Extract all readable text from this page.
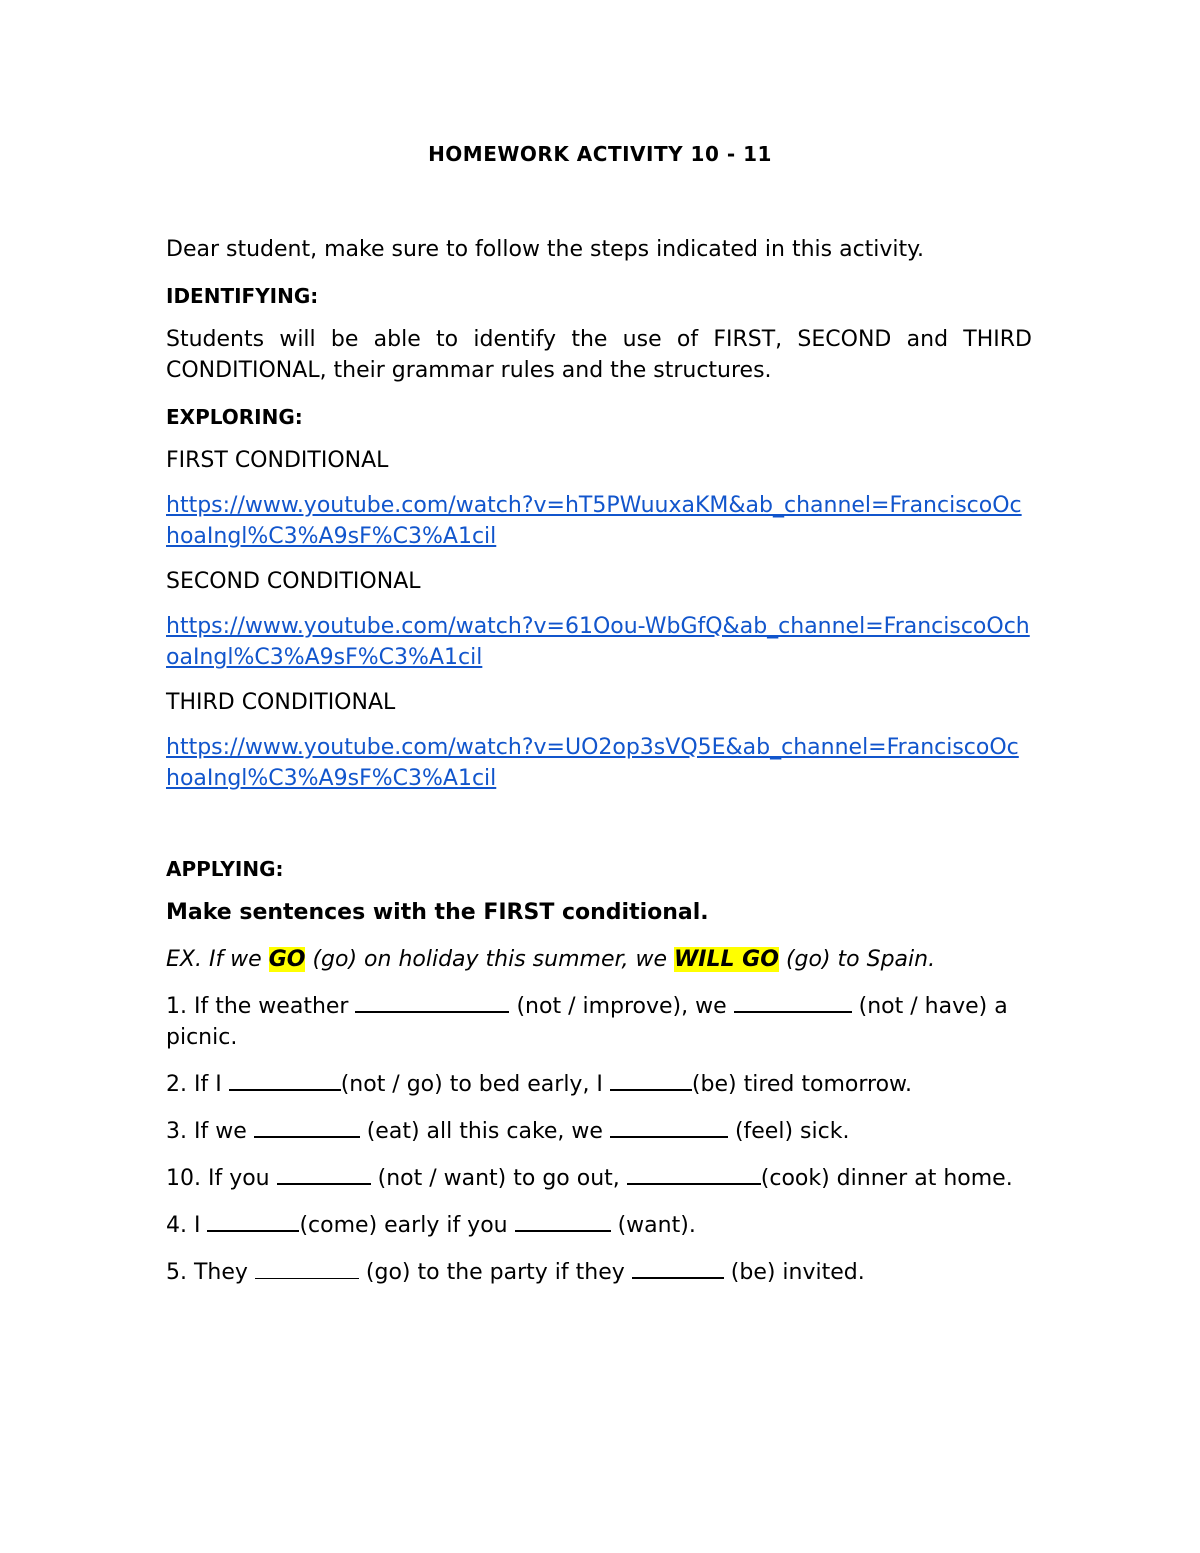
HOMEWORK ACTIVITY 10 - 11

Dear student, make sure to follow the steps indicated in this activity.

IDENTIFYING:

Students will be able to identify the use of FIRST, SECOND and THIRD CONDITIONAL, their grammar rules and the structures.

EXPLORING:

FIRST CONDITIONAL

https://www.youtube.com/watch?v=hT5PWuuxaKM&ab_channel=FranciscoOchoaIngl%C3%A9sF%C3%A1cil

SECOND CONDITIONAL

https://www.youtube.com/watch?v=61Oou-WbGfQ&ab_channel=FranciscoOchoaIngl%C3%A9sF%C3%A1cil

THIRD CONDITIONAL

https://www.youtube.com/watch?v=UO2op3sVQ5E&ab_channel=FranciscoOchoaIngl%C3%A9sF%C3%A1cil

APPLYING:

Make sentences with the FIRST conditional.

EX. If we GO (go) on holiday this summer, we WILL GO (go) to Spain.

1. If the weather	(not / improve), we	(not / have) a picnic.

2. If I	(not / go) to bed early, I	(be) tired tomorrow.

3. If we	(eat) all this cake, we	(feel) sick.

10. If you	(not / want) to go out,	(cook) dinner at home.

4. I	(come) early if you	(want).

5. They	(go) to the party if they	(be) invited.
